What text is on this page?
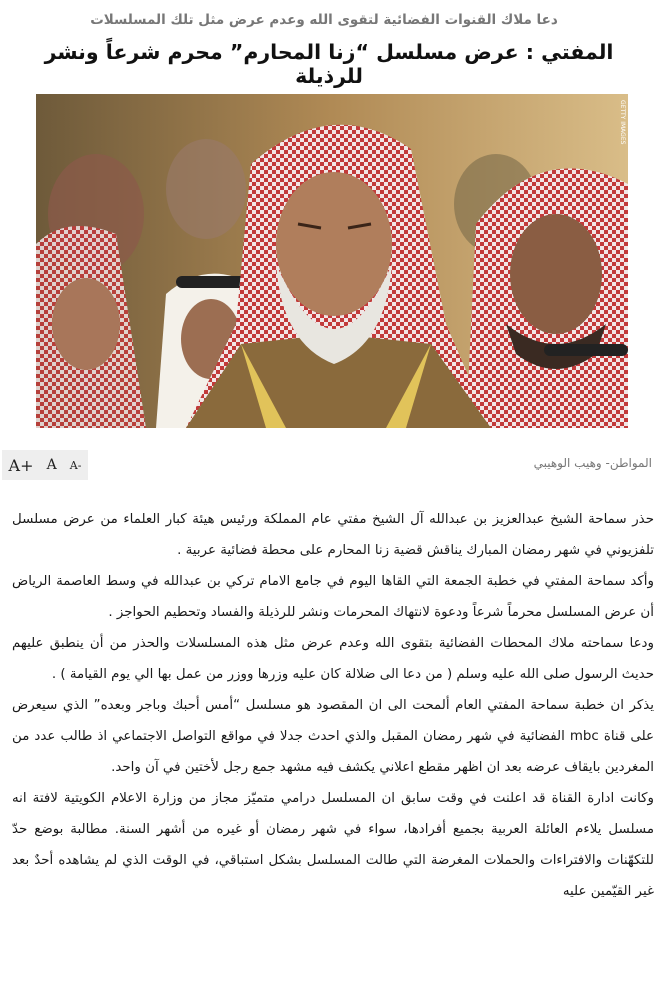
دعا ملاك القنوات الفضائية لتقوى الله وعدم عرض مثل تلك المسلسلات
المفتي : عرض مسلسل “زنا المحارم” محرم شرعاً ونشر للرذيلة
GETTY IMAGES
A+ A A-	المواطن- وهيب الوهيبي

حذر سماحة الشيخ عبدالعزيز بن عبدالله آل الشيخ مفتي عام المملكة ورئيس هيئة كبار العلماء من عرض مسلسل تلفزيوني في شهر رمضان المبارك يناقش قضية زنا المحارم على محطة فضائية عربية .

وأكد سماحة المفتي في خطبة الجمعة التي القاها اليوم في جامع الامام تركي بن عبدالله في وسط العاصمة الرياض أن عرض المسلسل محرماً شرعاً ودعوة لانتهاك المحرمات ونشر للرذيلة والفساد وتحطيم الحواجز .

ودعا سماحته ملاك المحطات الفضائية بتقوى الله وعدم عرض مثل هذه المسلسلات والحذر من أن ينطبق عليهم حديث الرسول صلى الله عليه وسلم ( من دعا الى ضلالة كان عليه وزرها ووزر من عمل بها الي يوم القيامة ) .

يذكر ان خطبة سماحة المفتي العام ألمحت الى ان المقصود هو مسلسل “أمس أحبك وباجر وبعده” الذي سيعرض على قناة mbc الفضائية في شهر رمضان المقبل والذي احدث جدلا في مواقع التواصل الاجتماعي اذ طالب عدد من المغردين بايقاف عرضه بعد ان اظهر مقطع اعلاني يكشف فيه مشهد جمع رجل لأختين في آن واحد.

وكانت ادارة القناة قد اعلنت في وقت سابق ان المسلسل درامي متميّز مجاز من وزارة الاعلام الكويتية لافتة انه مسلسل يلاءم العائلة العربية بجميع أفرادها، سواء في شهر رمضان أو غيره من أشهر السنة. مطالبة بوضع حدّ للتكهّنات والافتراءات والحملات المغرضة التي طالت المسلسل بشكل استباقي، في الوقت الذي لم يشاهده أحدٌ بعد غير القيّمين عليه
